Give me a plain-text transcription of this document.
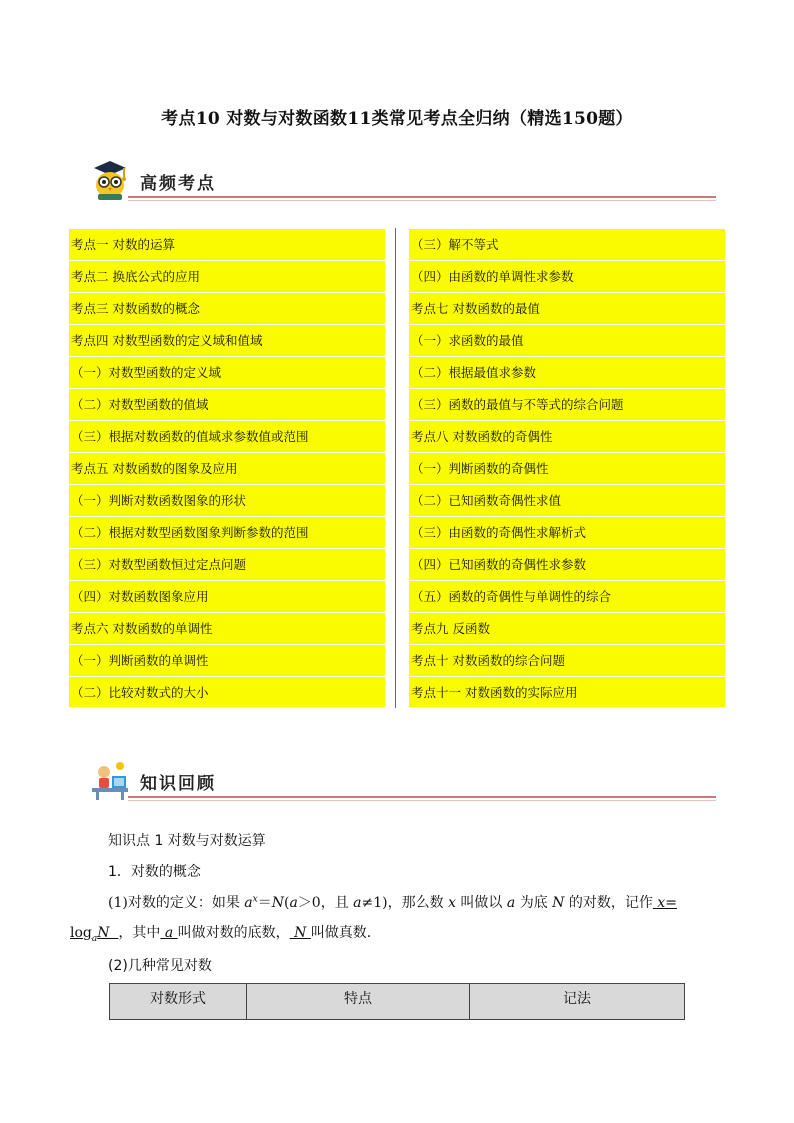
考点10 对数与对数函数11类常见考点全归纳（精选150题）
高频考点
考点一 对数的运算
考点二 换底公式的应用
考点三 对数函数的概念
考点四 对数型函数的定义域和值域
（一）对数型函数的定义域
（二）对数型函数的值域
（三）根据对数函数的值域求参数值或范围
考点五 对数函数的图象及应用
（一）判断对数函数图象的形状
（二）根据对数型函数图象判断参数的范围
（三）对数型函数恒过定点问题
（四）对数函数图象应用
考点六 对数函数的单调性
（一）判断函数的单调性
（二）比较对数式的大小
（三）解不等式
（四）由函数的单调性求参数
考点七 对数函数的最值
（一）求函数的最值
（二）根据最值求参数
（三）函数的最值与不等式的综合问题
考点八 对数函数的奇偶性
（一）判断函数的奇偶性
（二）已知函数奇偶性求值
（三）由函数的奇偶性求解析式
（四）已知函数的奇偶性求参数
（五）函数的奇偶性与单调性的综合
考点九 反函数
考点十 对数函数的综合问题
考点十一 对数函数的实际应用
知识回顾
知识点 1 对数与对数运算
1．对数的概念
(1)对数的定义：如果 $a^x=N(a>0$，且 a≠1)，那么数 x 叫做以 a 为底 N 的对数，记作 x=
$\log_aN$ ，其中 a 叫做对数的底数， N 叫做真数．
(2)几种常见对数
对数形式	特点	记法
